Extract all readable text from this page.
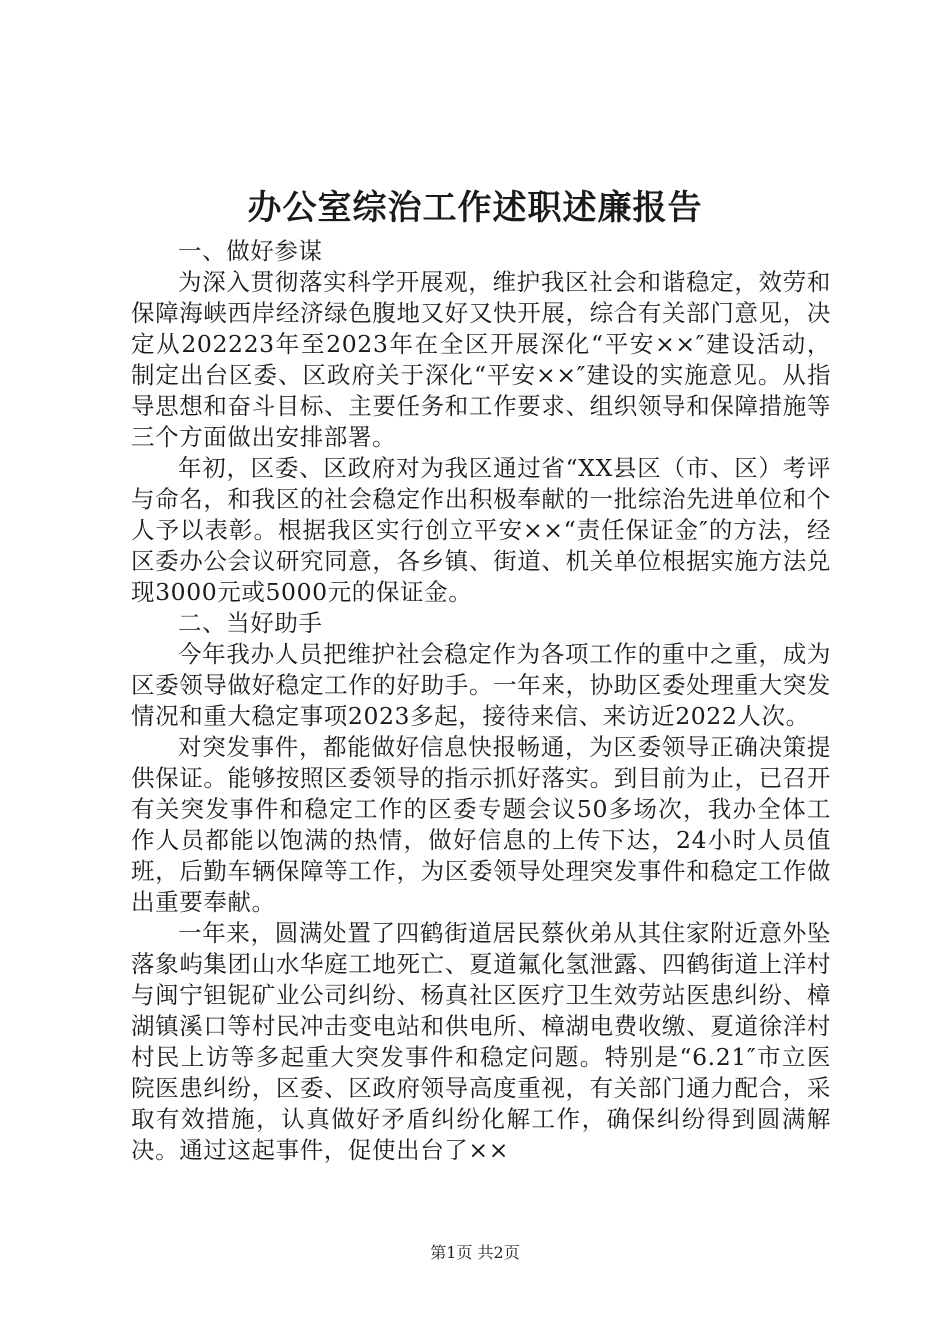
办公室综治工作述职述廉报告

一、做好参谋

为深入贯彻落实科学开展观，维护我区社会和谐稳定，效劳和保障海峡西岸经济绿色腹地又好又快开展，综合有关部门意见，决定从202223年至2023年在全区开展深化“平安××″建设活动，制定出台区委、区政府关于深化“平安××″建设的实施意见。从指导思想和奋斗目标、主要任务和工作要求、组织领导和保障措施等三个方面做出安排部署。

年初，区委、区政府对为我区通过省“XX县区（市、区）考评与命名，和我区的社会稳定作出积极奉献的一批综治先进单位和个人予以表彰。根据我区实行创立平安××“责任保证金″的方法，经区委办公会议研究同意，各乡镇、街道、机关单位根据实施方法兑现3000元或5000元的保证金。

二、当好助手

今年我办人员把维护社会稳定作为各项工作的重中之重，成为区委领导做好稳定工作的好助手。一年来，协助区委处理重大突发情况和重大稳定事项2023多起，接待来信、来访近2022人次。

对突发事件，都能做好信息快报畅通，为区委领导正确决策提供保证。能够按照区委领导的指示抓好落实。到目前为止，已召开有关突发事件和稳定工作的区委专题会议50多场次，我办全体工作人员都能以饱满的热情，做好信息的上传下达，24小时人员值班，后勤车辆保障等工作，为区委领导处理突发事件和稳定工作做出重要奉献。

一年来，圆满处置了四鹤街道居民蔡伙弟从其住家附近意外坠落象屿集团山水华庭工地死亡、夏道氟化氢泄露、四鹤街道上洋村与闽宁钽铌矿业公司纠纷、杨真社区医疗卫生效劳站医患纠纷、樟湖镇溪口等村民冲击变电站和供电所、樟湖电费收缴、夏道徐洋村村民上访等多起重大突发事件和稳定问题。特别是“6.21″市立医院医患纠纷，区委、区政府领导高度重视，有关部门通力配合，采取有效措施，认真做好矛盾纠纷化解工作，确保纠纷得到圆满解决。通过这起事件，促使出台了××

第1页 共2页
